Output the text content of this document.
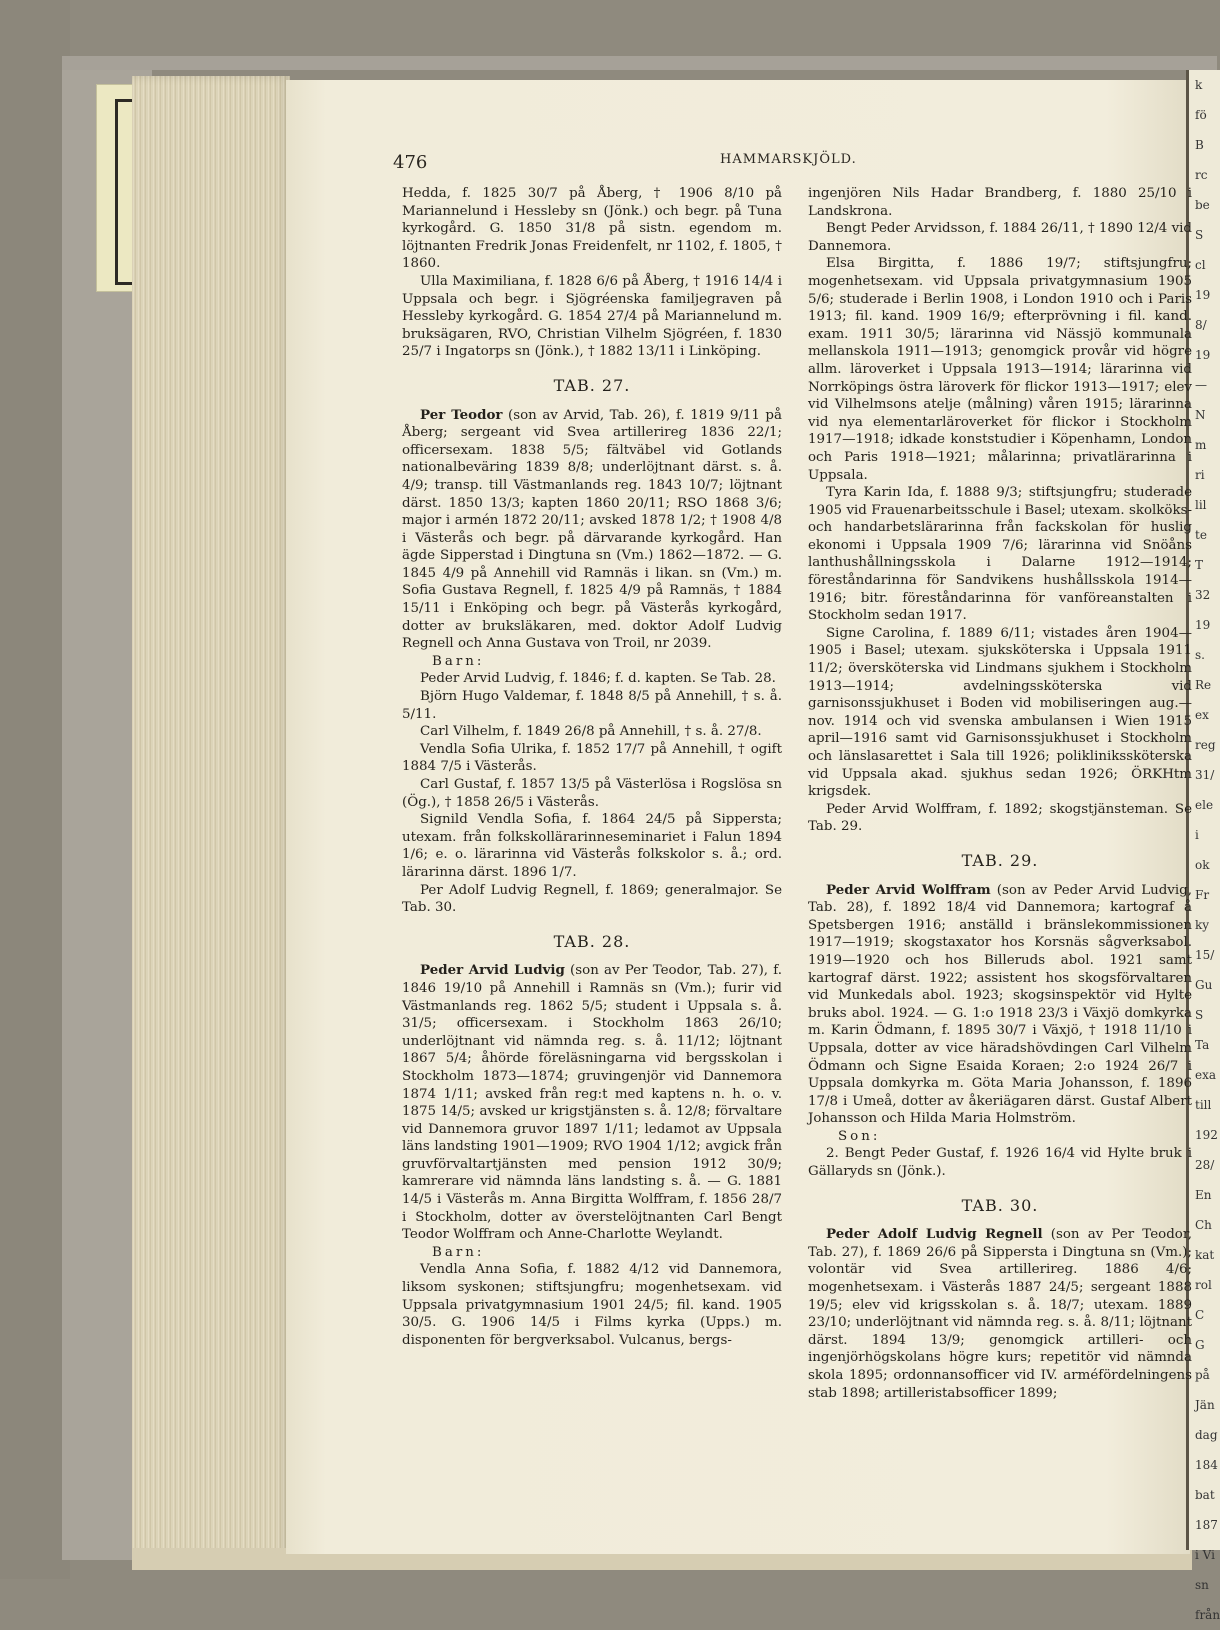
k
fö
B
rc
be
S
cl
19
8/
19
—
N
m
ri
lil
te
T
32
19
s.
Re
ex
reg
31/
ele
i
ok
Fr
ky
15/
Gu
S
Ta
exa
till
192
28/
En
Ch
kat
rol
C
G
på
Jän
dag
184
bat
187
i Vi
sn
från
476	HAMMARSKJÖLD.

Hedda, f. 1825 30/7 på Åberg, † 1906 8/10 på Mariannelund i Hessleby sn (Jönk.) och begr. på Tuna kyrkogård. G. 1850 31/8 på sistn. egendom m. löjtnanten Fredrik Jonas Freidenfelt, nr 1102, f. 1805, † 1860.

Ulla Maximiliana, f. 1828 6/6 på Åberg, † 1916 14/4 i Uppsala och begr. i Sjögréenska familjegraven på Hessleby kyrkogård. G. 1854 27/4 på Mariannelund m. bruksägaren, RVO, Christian Vilhelm Sjögréen, f. 1830 25/7 i Ingatorps sn (Jönk.), † 1882 13/11 i Linköping.

TAB. 27.

Per Teodor (son av Arvid, Tab. 26), f. 1819 9/11 på Åberg; sergeant vid Svea artillerireg 1836 22/1; officersexam. 1838 5/5; fältväbel vid Gotlands nationalbeväring 1839 8/8; underlöjtnant därst. s. å. 4/9; transp. till Västmanlands reg. 1843 10/7; löjtnant därst. 1850 13/3; kapten 1860 20/11; RSO 1868 3/6; major i armén 1872 20/11; avsked 1878 1/2; † 1908 4/8 i Västerås och begr. på därvarande kyrkogård. Han ägde Sipperstad i Dingtuna sn (Vm.) 1862—1872. — G. 1845 4/9 på Annehill vid Ramnäs i likan. sn (Vm.) m. Sofia Gustava Regnell, f. 1825 4/9 på Ramnäs, † 1884 15/11 i Enköping och begr. på Västerås kyrkogård, dotter av bruksläkaren, med. doktor Adolf Ludvig Regnell och Anna Gustava von Troil, nr 2039.

Barn:

Peder Arvid Ludvig, f. 1846; f. d. kapten. Se Tab. 28.

Björn Hugo Valdemar, f. 1848 8/5 på Annehill, † s. å. 5/11.

Carl Vilhelm, f. 1849 26/8 på Annehill, † s. å. 27/8.

Vendla Sofia Ulrika, f. 1852 17/7 på Annehill, † ogift 1884 7/5 i Västerås.

Carl Gustaf, f. 1857 13/5 på Västerlösa i Rogslösa sn (Ög.), † 1858 26/5 i Västerås.

Signild Vendla Sofia, f. 1864 24/5 på Sippersta; utexam. från folkskollärarinneseminariet i Falun 1894 1/6; e. o. lärarinna vid Västerås folkskolor s. å.; ord. lärarinna därst. 1896 1/7.

Per Adolf Ludvig Regnell, f. 1869; generalmajor. Se Tab. 30.

TAB. 28.

Peder Arvid Ludvig (son av Per Teodor, Tab. 27), f. 1846 19/10 på Annehill i Ramnäs sn (Vm.); furir vid Västmanlands reg. 1862 5/5; student i Uppsala s. å. 31/5; officersexam. i Stockholm 1863 26/10; underlöjtnant vid nämnda reg. s. å. 11/12; löjtnant 1867 5/4; åhörde föreläsningarna vid bergsskolan i Stockholm 1873—1874; gruvingenjör vid Dannemora 1874 1/11; avsked från reg:t med kaptens n. h. o. v. 1875 14/5; avsked ur krigstjänsten s. å. 12/8; förvaltare vid Dannemora gruvor 1897 1/11; ledamot av Uppsala läns landsting 1901—1909; RVO 1904 1/12; avgick från gruvförvaltartjänsten med pension 1912 30/9; kamrerare vid nämnda läns landsting s. å. — G. 1881 14/5 i Västerås m. Anna Birgitta Wolffram, f. 1856 28/7 i Stockholm, dotter av överstelöjtnanten Carl Bengt Teodor Wolffram och Anne-Charlotte Weylandt.

Barn:

Vendla Anna Sofia, f. 1882 4/12 vid Dannemora, liksom syskonen; stiftsjungfru; mogenhetsexam. vid Uppsala privatgymnasium 1901 24/5; fil. kand. 1905 30/5. G. 1906 14/5 i Films kyrka (Upps.) m. disponenten för bergverksabol. Vulcanus, bergs-

ingenjören Nils Hadar Brandberg, f. 1880 25/10 i Landskrona.

Bengt Peder Arvidsson, f. 1884 26/11, † 1890 12/4 vid Dannemora.

Elsa Birgitta, f. 1886 19/7; stiftsjungfru; mogenhetsexam. vid Uppsala privatgymnasium 1905 5/6; studerade i Berlin 1908, i London 1910 och i Paris 1913; fil. kand. 1909 16/9; efterprövning i fil. kand. exam. 1911 30/5; lärarinna vid Nässjö kommunala mellanskola 1911—1913; genomgick provår vid högre allm. läroverket i Uppsala 1913—1914; lärarinna vid Norrköpings östra läroverk för flickor 1913—1917; elev vid Vilhelmsons atelje (målning) våren 1915; lärarinna vid nya elementarläroverket för flickor i Stockholm 1917—1918; idkade konststudier i Köpenhamn, London och Paris 1918—1921; målarinna; privatlärarinna i Uppsala.

Tyra Karin Ida, f. 1888 9/3; stiftsjungfru; studerade 1905 vid Frauenarbeitsschule i Basel; utexam. skolköks- och handarbetslärarinna från fackskolan för huslig ekonomi i Uppsala 1909 7/6; lärarinna vid Snöåns lanthushållningsskola i Dalarne 1912—1914; föreståndarinna för Sandvikens hushållsskola 1914—1916; bitr. föreståndarinna för vanföreanstalten i Stockholm sedan 1917.

Signe Carolina, f. 1889 6/11; vistades åren 1904—1905 i Basel; utexam. sjuksköterska i Uppsala 1911 11/2; översköterska vid Lindmans sjukhem i Stockholm 1913—1914; avdelningssköterska vid garnisonssjukhuset i Boden vid mobiliseringen aug.—nov. 1914 och vid svenska ambulansen i Wien 1915 april—1916 samt vid Garnisonssjukhuset i Stockholm och länslasarettet i Sala till 1926; poliklinikssköterska vid Uppsala akad. sjukhus sedan 1926; ÖRKHtm krigsdek.

Peder Arvid Wolffram, f. 1892; skogstjänsteman. Se Tab. 29.

TAB. 29.

Peder Arvid Wolffram (son av Peder Arvid Ludvig, Tab. 28), f. 1892 18/4 vid Dannemora; kartograf å Spetsbergen 1916; anställd i bränslekommissionen 1917—1919; skogstaxator hos Korsnäs sågverksabol. 1919—1920 och hos Billeruds abol. 1921 samt kartograf därst. 1922; assistent hos skogsförvaltaren vid Munkedals abol. 1923; skogsinspektör vid Hylte bruks abol. 1924. — G. 1:o 1918 23/3 i Växjö domkyrka m. Karin Ödmann, f. 1895 30/7 i Växjö, † 1918 11/10 i Uppsala, dotter av vice häradshövdingen Carl Vilhelm Ödmann och Signe Esaida Koraen; 2:o 1924 26/7 i Uppsala domkyrka m. Göta Maria Johansson, f. 1896 17/8 i Umeå, dotter av åkeriägaren därst. Gustaf Albert Johansson och Hilda Maria Holmström.

Son:

2. Bengt Peder Gustaf, f. 1926 16/4 vid Hylte bruk i Gällaryds sn (Jönk.).

TAB. 30.

Peder Adolf Ludvig Regnell (son av Per Teodor, Tab. 27), f. 1869 26/6 på Sippersta i Dingtuna sn (Vm.); volontär vid Svea artillerireg. 1886 4/6; mogenhetsexam. i Västerås 1887 24/5; sergeant 1888 19/5; elev vid krigsskolan s. å. 18/7; utexam. 1889 23/10; underlöjtnant vid nämnda reg. s. å. 8/11; löjtnant därst. 1894 13/9; genomgick artilleri- och ingenjörhögskolans högre kurs; repetitör vid nämnda skola 1895; ordonnansofficer vid IV. arméfördelningens stab 1898; artilleristabsofficer 1899;
